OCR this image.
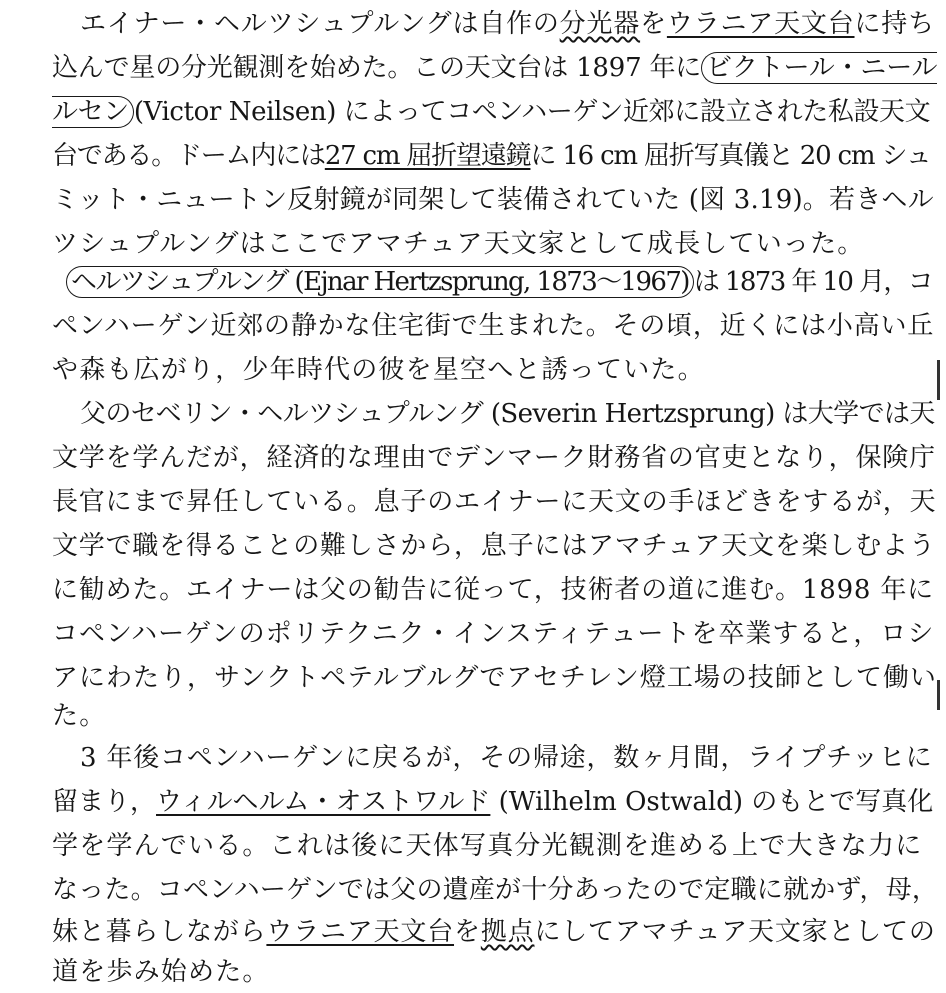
エイナー・ヘルツシュプルングは自作の分光器をウラニア天文台に持ち
込んで星の分光観測を始めた。この天文台は 1897 年に ビクトール・ニール
ルセン (Victor Neilsen) によってコペンハーゲン近郊に設立された私設天文
台である。ドーム内には27 cm 屈折望遠鏡に 16 cm 屈折写真儀と 20 cm シュ
ミット・ニュートン反射鏡が同架して装備されていた (図 3.19)。若きヘル
ツシュプルングはここでアマチュア天文家として成長していった。
ヘルツシュプルング (Ejnar Hertzsprung, 1873～1967) は 1873 年 10 月，コ
ペンハーゲン近郊の静かな住宅街で生まれた。その頃，近くには小高い丘
や森も広がり，少年時代の彼を星空へと誘っていた。
父のセベリン・ヘルツシュプルング (Severin Hertzsprung) は大学では天
文学を学んだが，経済的な理由でデンマーク財務省の官吏となり，保険庁
長官にまで昇任している。息子のエイナーに天文の手ほどきをするが，天
文学で職を得ることの難しさから，息子にはアマチュア天文を楽しむよう
に勧めた。エイナーは父の勧告に従って，技術者の道に進む。1898 年に
コペンハーゲンのポリテクニク・インスティテュートを卒業すると，ロシ
アにわたり，サンクトペテルブルグでアセチレン燈工場の技師として働い
た。
3 年後コペンハーゲンに戻るが，その帰途，数ヶ月間，ライプチッヒに
留まり，ウィルヘルム・オストワルド (Wilhelm Ostwald) のもとで写真化
学を学んでいる。これは後に天体写真分光観測を進める上で大きな力に
なった。コペンハーゲンでは父の遺産が十分あったので定職に就かず，母，
妹と暮らしながらウラニア天文台を拠点にしてアマチュア天文家としての
道を歩み始めた。
